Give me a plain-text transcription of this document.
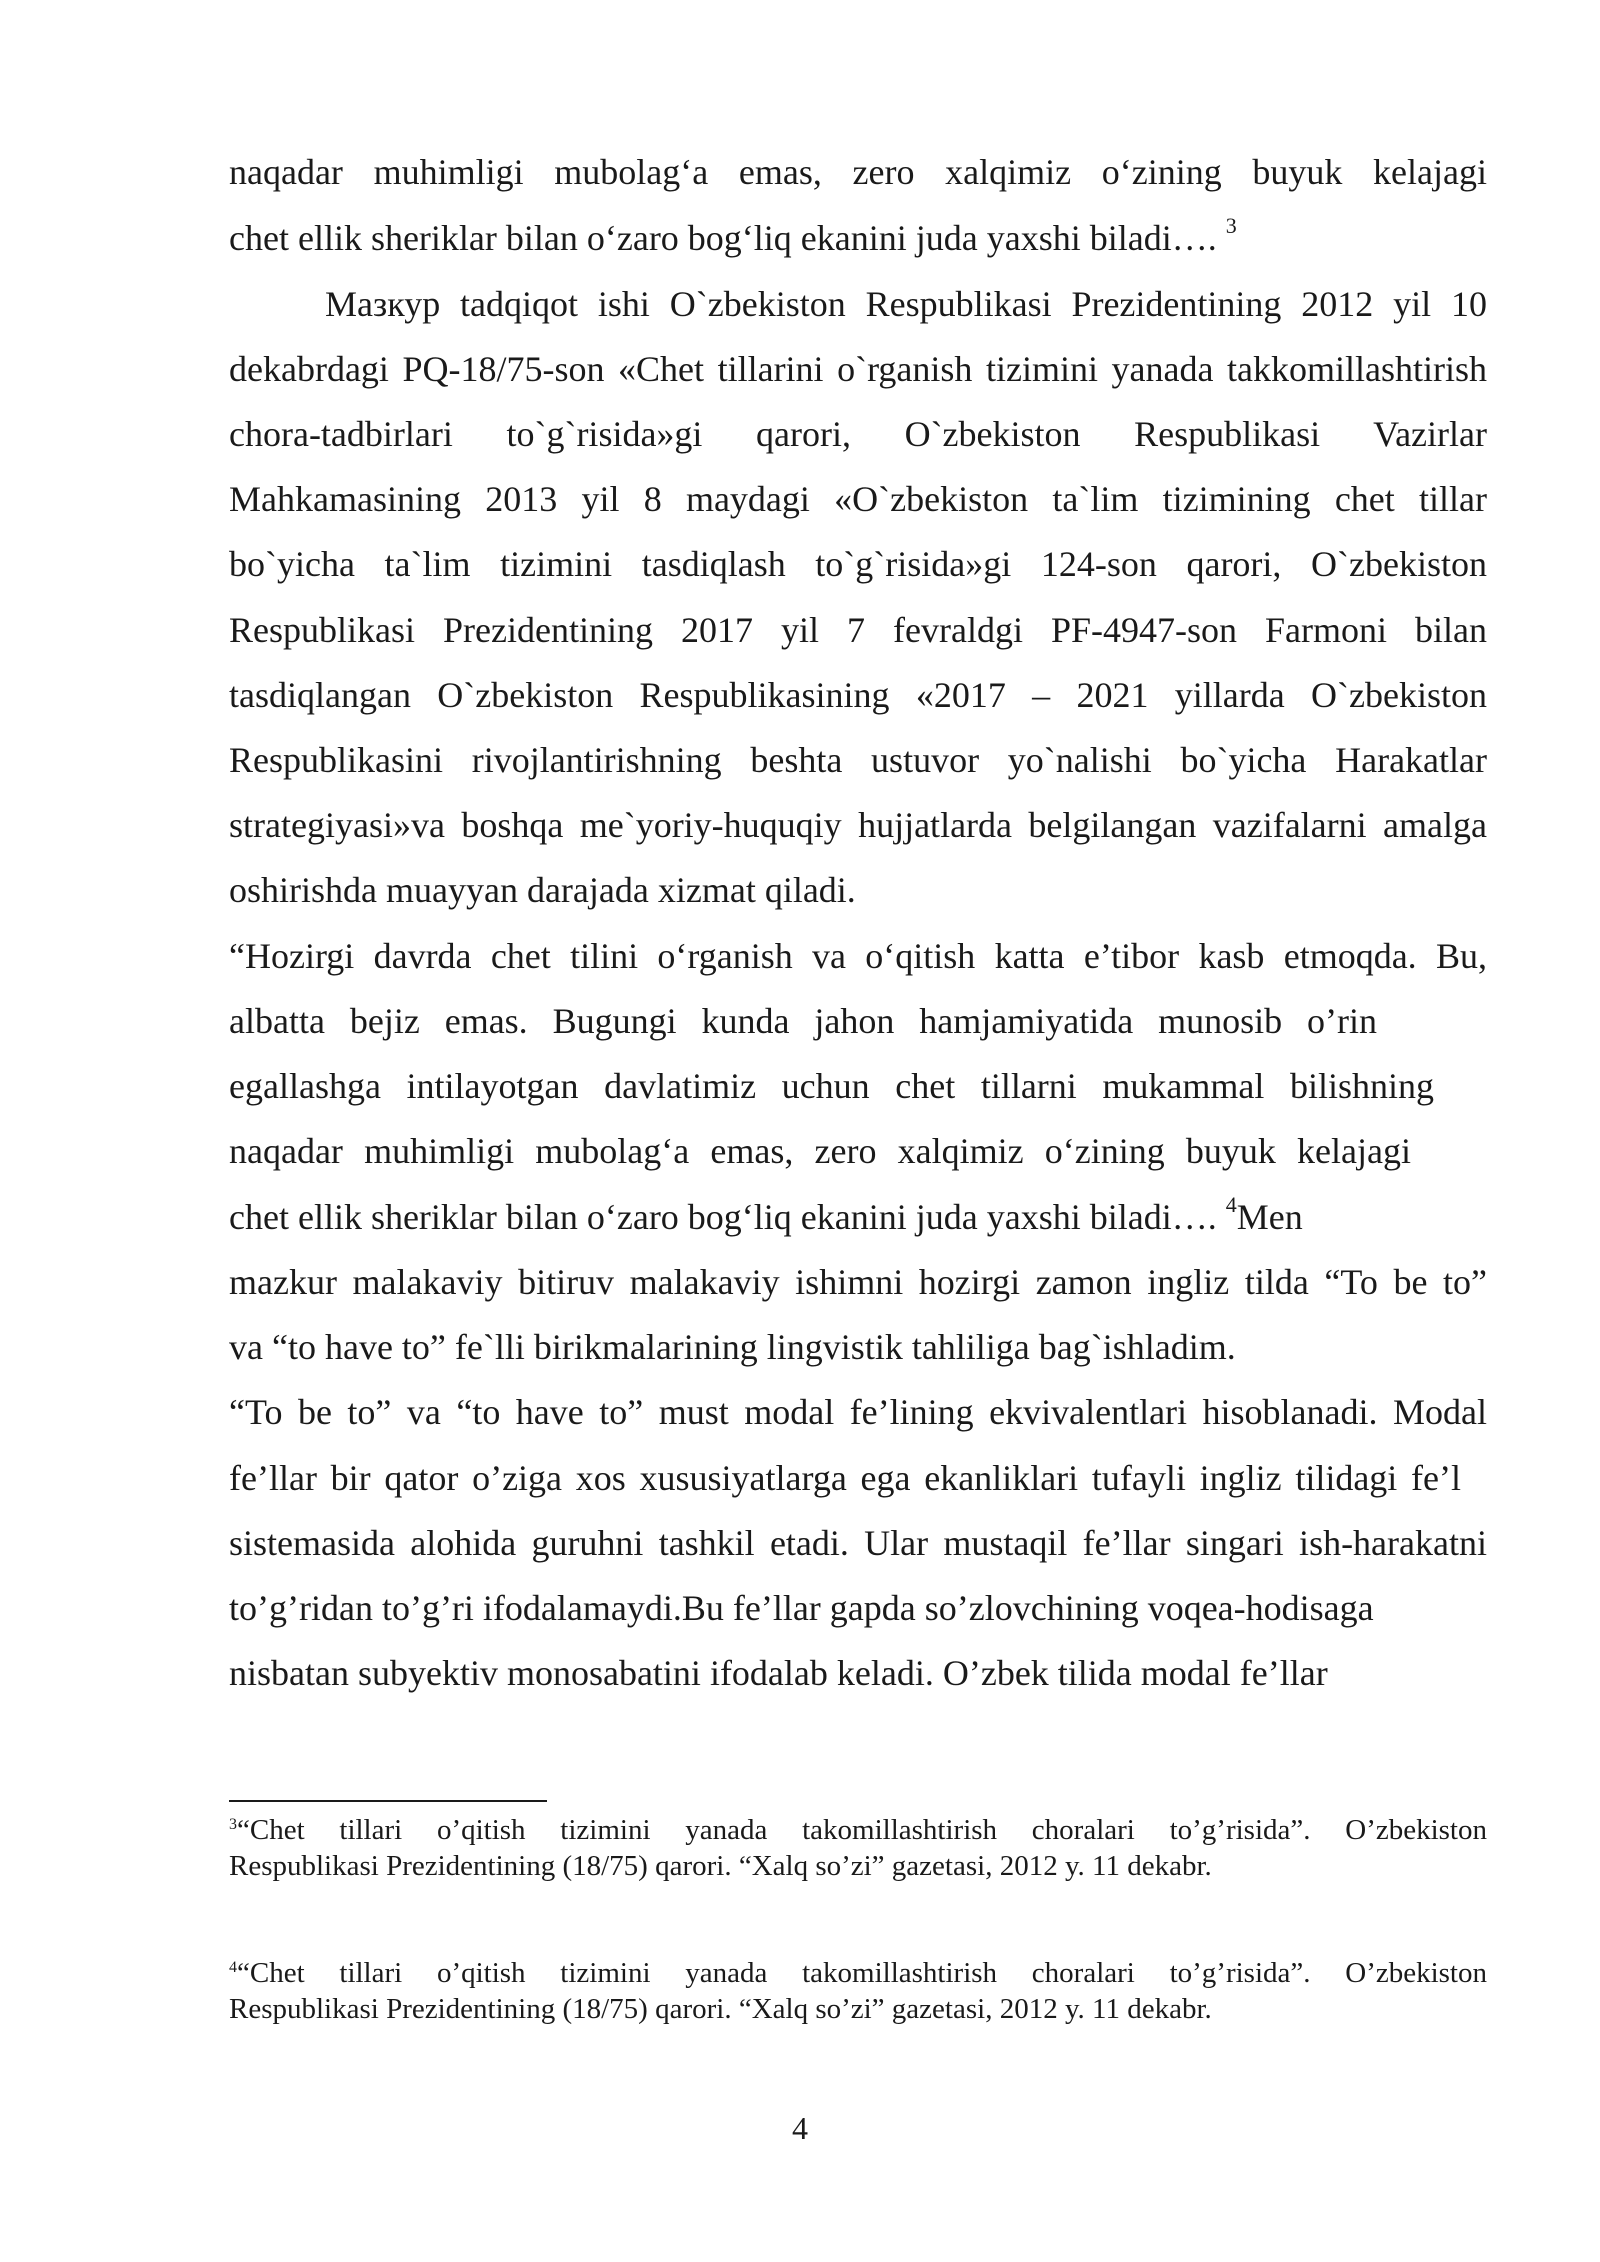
naqadar muhimligi mubolag‘a emas, zero xalqimiz o‘zining buyuk kelajagi
chet ellik sheriklar bilan o‘zaro bog‘liq ekanini juda yaxshi biladi…. $^3$
Мазкур tadqiqot ishi O`zbekiston Respublikasi Prezidentining 2012 yil 10
dekabrdagi PQ-18/75-son «Chet tillarini o`rganish tizimini yanada takkomillashtirish
chora-tadbirlari to`g`risida»gi qarori, O`zbekiston Respublikasi Vazirlar
Mahkamasining 2013 yil 8 maydagi «O`zbekiston ta`lim tizimining chet tillar
bo`yicha ta`lim tizimini tasdiqlash to`g`risida»gi 124-son qarori, O`zbekiston
Respublikasi Prezidentining 2017 yil 7 fevraldgi PF-4947-son Farmoni bilan
tasdiqlangan O`zbekiston Respublikasining «2017 – 2021 yillarda O`zbekiston
Respublikasini rivojlantirishning beshta ustuvor yo`nalishi bo`yicha Harakatlar
strategiyasi»va boshqa me`yoriy-huquqiy hujjatlarda belgilangan vazifalarni amalga
oshirishda muayyan darajada xizmat qiladi.
“Hozirgi davrda chet tilini o‘rganish va o‘qitish katta e’tibor kasb etmoqda. Bu,
albatta bejiz emas. Bugungi kunda jahon hamjamiyatida munosib o’rin
egallashga intilayotgan davlatimiz uchun chet tillarni mukammal bilishning
naqadar muhimligi mubolag‘a emas, zero xalqimiz o‘zining buyuk kelajagi
chet ellik sheriklar bilan o‘zaro bog‘liq ekanini juda yaxshi biladi…. $^4$Men
mazkur malakaviy bitiruv malakaviy ishimni hozirgi zamon ingliz tilda “To be to”
va “to have to” fe`lli birikmalarining lingvistik tahliliga bag`ishladim.
“To be to” va “to have to” must modal fe’lining ekvivalentlari hisoblanadi. Modal
fe’llar bir qator o’ziga xos xususiyatlarga ega ekanliklari tufayli ingliz tilidagi fe’l
sistemasida alohida guruhni tashkil etadi. Ular mustaqil fe’llar singari ish-harakatni
to’g’ridan to’g’ri ifodalamaydi.Bu fe’llar gapda so’zlovchining voqea-hodisaga
nisbatan subyektiv monosabatini ifodalab keladi. O’zbek tilida modal fe’llar
$^3$“Chet tillari o’qitish tizimini yanada takomillashtirish choralari to’g’risida”. O’zbekiston
Respublikasi Prezidentining (18/75) qarori. “Xalq so’zi” gazetasi, 2012 y. 11 dekabr.
$^4$“Chet tillari o’qitish tizimini yanada takomillashtirish choralari to’g’risida”. O’zbekiston
Respublikasi Prezidentining (18/75) qarori. “Xalq so’zi” gazetasi, 2012 y. 11 dekabr.
4
